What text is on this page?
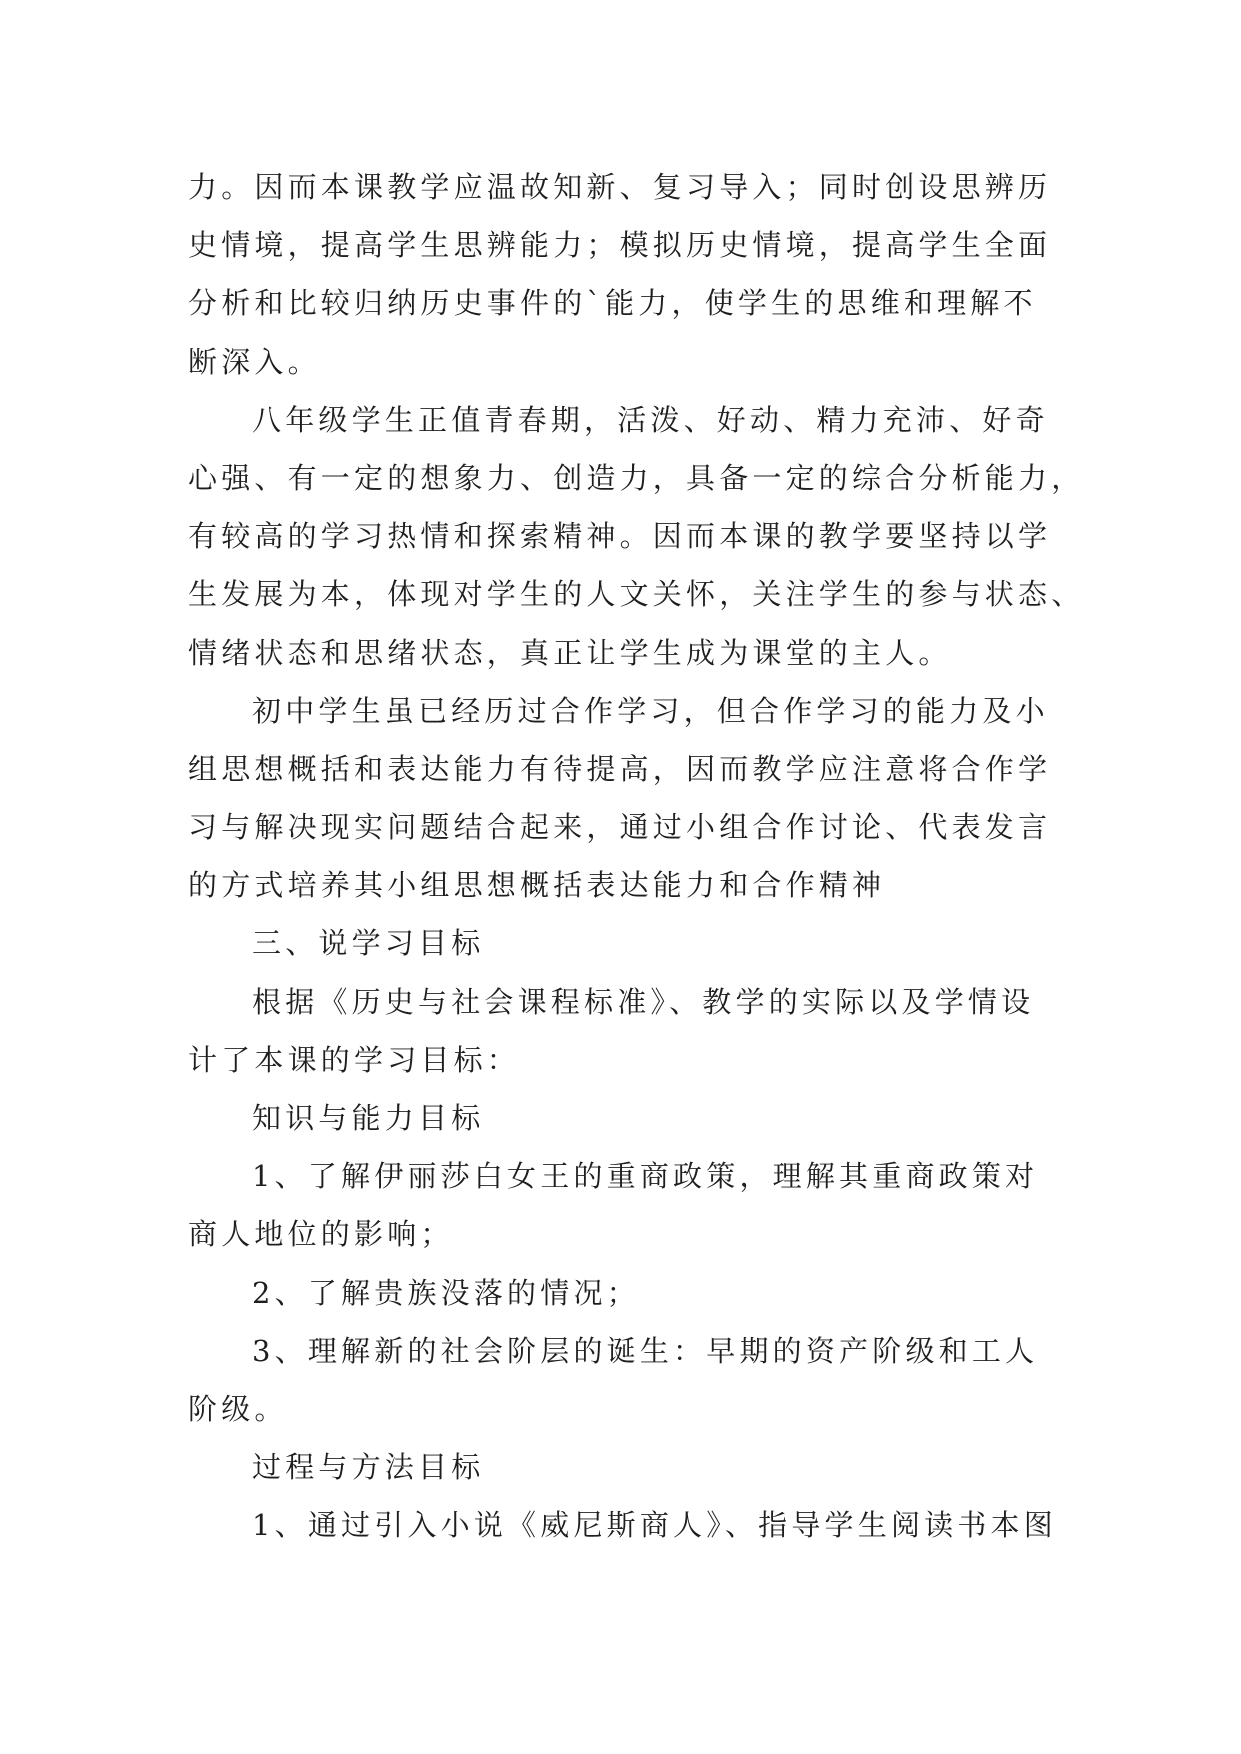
力。因而本课教学应温故知新、复习导入；同时创设思辨历
史情境，提高学生思辨能力；模拟历史情境，提高学生全面
分析和比较归纳历史事件的`能力，使学生的思维和理解不
断深入。
八年级学生正值青春期，活泼、好动、精力充沛、好奇
心强、有一定的想象力、创造力，具备一定的综合分析能力，
有较高的学习热情和探索精神。因而本课的教学要坚持以学
生发展为本，体现对学生的人文关怀，关注学生的参与状态、
情绪状态和思绪状态，真正让学生成为课堂的主人。
初中学生虽已经历过合作学习，但合作学习的能力及小
组思想概括和表达能力有待提高，因而教学应注意将合作学
习与解决现实问题结合起来，通过小组合作讨论、代表发言
的方式培养其小组思想概括表达能力和合作精神
三、说学习目标
根据《历史与社会课程标准》、教学的实际以及学情设
计了本课的学习目标：
知识与能力目标
1、了解伊丽莎白女王的重商政策，理解其重商政策对
商人地位的影响；
2、了解贵族没落的情况；
3、理解新的社会阶层的诞生：早期的资产阶级和工人
阶级。
过程与方法目标
1、通过引入小说《威尼斯商人》、指导学生阅读书本图
